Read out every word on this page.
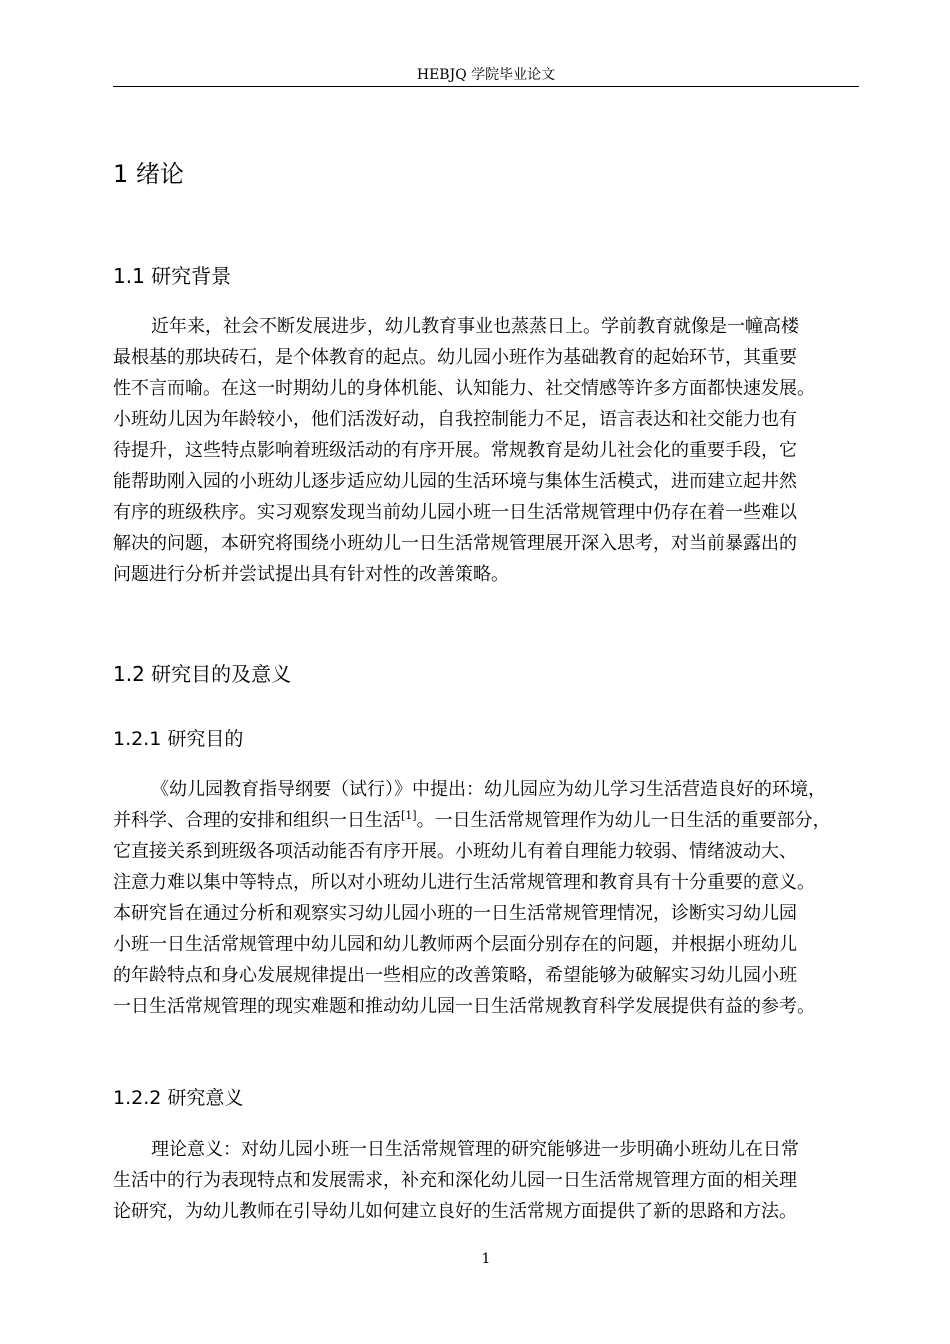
HEBJQ 学院毕业论文
1 绪论
1.1 研究背景
近年来，社会不断发展进步，幼儿教育事业也蒸蒸日上。学前教育就像是一幢高楼
最根基的那块砖石，是个体教育的起点。幼儿园小班作为基础教育的起始环节，其重要
性不言而喻。在这一时期幼儿的身体机能、认知能力、社交情感等许多方面都快速发展。
小班幼儿因为年龄较小，他们活泼好动，自我控制能力不足，语言表达和社交能力也有
待提升，这些特点影响着班级活动的有序开展。常规教育是幼儿社会化的重要手段，它
能帮助刚入园的小班幼儿逐步适应幼儿园的生活环境与集体生活模式，进而建立起井然
有序的班级秩序。实习观察发现当前幼儿园小班一日生活常规管理中仍存在着一些难以
解决的问题，本研究将围绕小班幼儿一日生活常规管理展开深入思考，对当前暴露出的
问题进行分析并尝试提出具有针对性的改善策略。
1.2 研究目的及意义
1.2.1 研究目的
《幼儿园教育指导纲要（试行）》中提出：幼儿园应为幼儿学习生活营造良好的环境，
并科学、合理的安排和组织一日生活[1]。一日生活常规管理作为幼儿一日生活的重要部分，
它直接关系到班级各项活动能否有序开展。小班幼儿有着自理能力较弱、情绪波动大、
注意力难以集中等特点，所以对小班幼儿进行生活常规管理和教育具有十分重要的意义。
本研究旨在通过分析和观察实习幼儿园小班的一日生活常规管理情况，诊断实习幼儿园
小班一日生活常规管理中幼儿园和幼儿教师两个层面分别存在的问题，并根据小班幼儿
的年龄特点和身心发展规律提出一些相应的改善策略，希望能够为破解实习幼儿园小班
一日生活常规管理的现实难题和推动幼儿园一日生活常规教育科学发展提供有益的参考。
1.2.2 研究意义
理论意义：对幼儿园小班一日生活常规管理的研究能够进一步明确小班幼儿在日常
生活中的行为表现特点和发展需求，补充和深化幼儿园一日生活常规管理方面的相关理
论研究，为幼儿教师在引导幼儿如何建立良好的生活常规方面提供了新的思路和方法。
1
